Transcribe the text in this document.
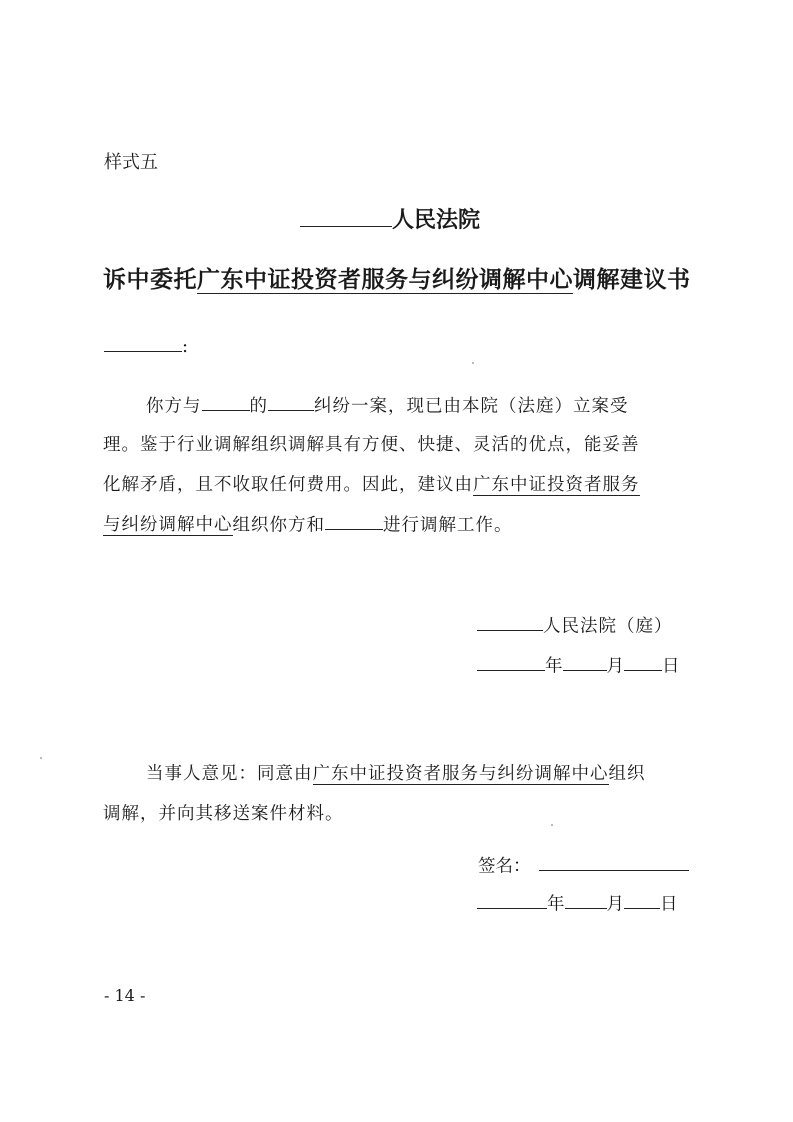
样式五
人民法院
诉中委托广东中证投资者服务与纠纷调解中心调解建议书
:
你方与	的	纠纷一案，现已由本院（法庭）立案受
理。鉴于行业调解组织调解具有方便、快捷、灵活的优点，能妥善
化解矛盾，且不收取任何费用。因此，建议由广东中证投资者服务
与纠纷调解中心组织你方和	进行调解工作。
人民法院（庭）
年	月 日
当事人意见：同意由广东中证投资者服务与纠纷调解中心组织
调解，并向其移送案件材料。
签名：
年 月 日
- 14 -
